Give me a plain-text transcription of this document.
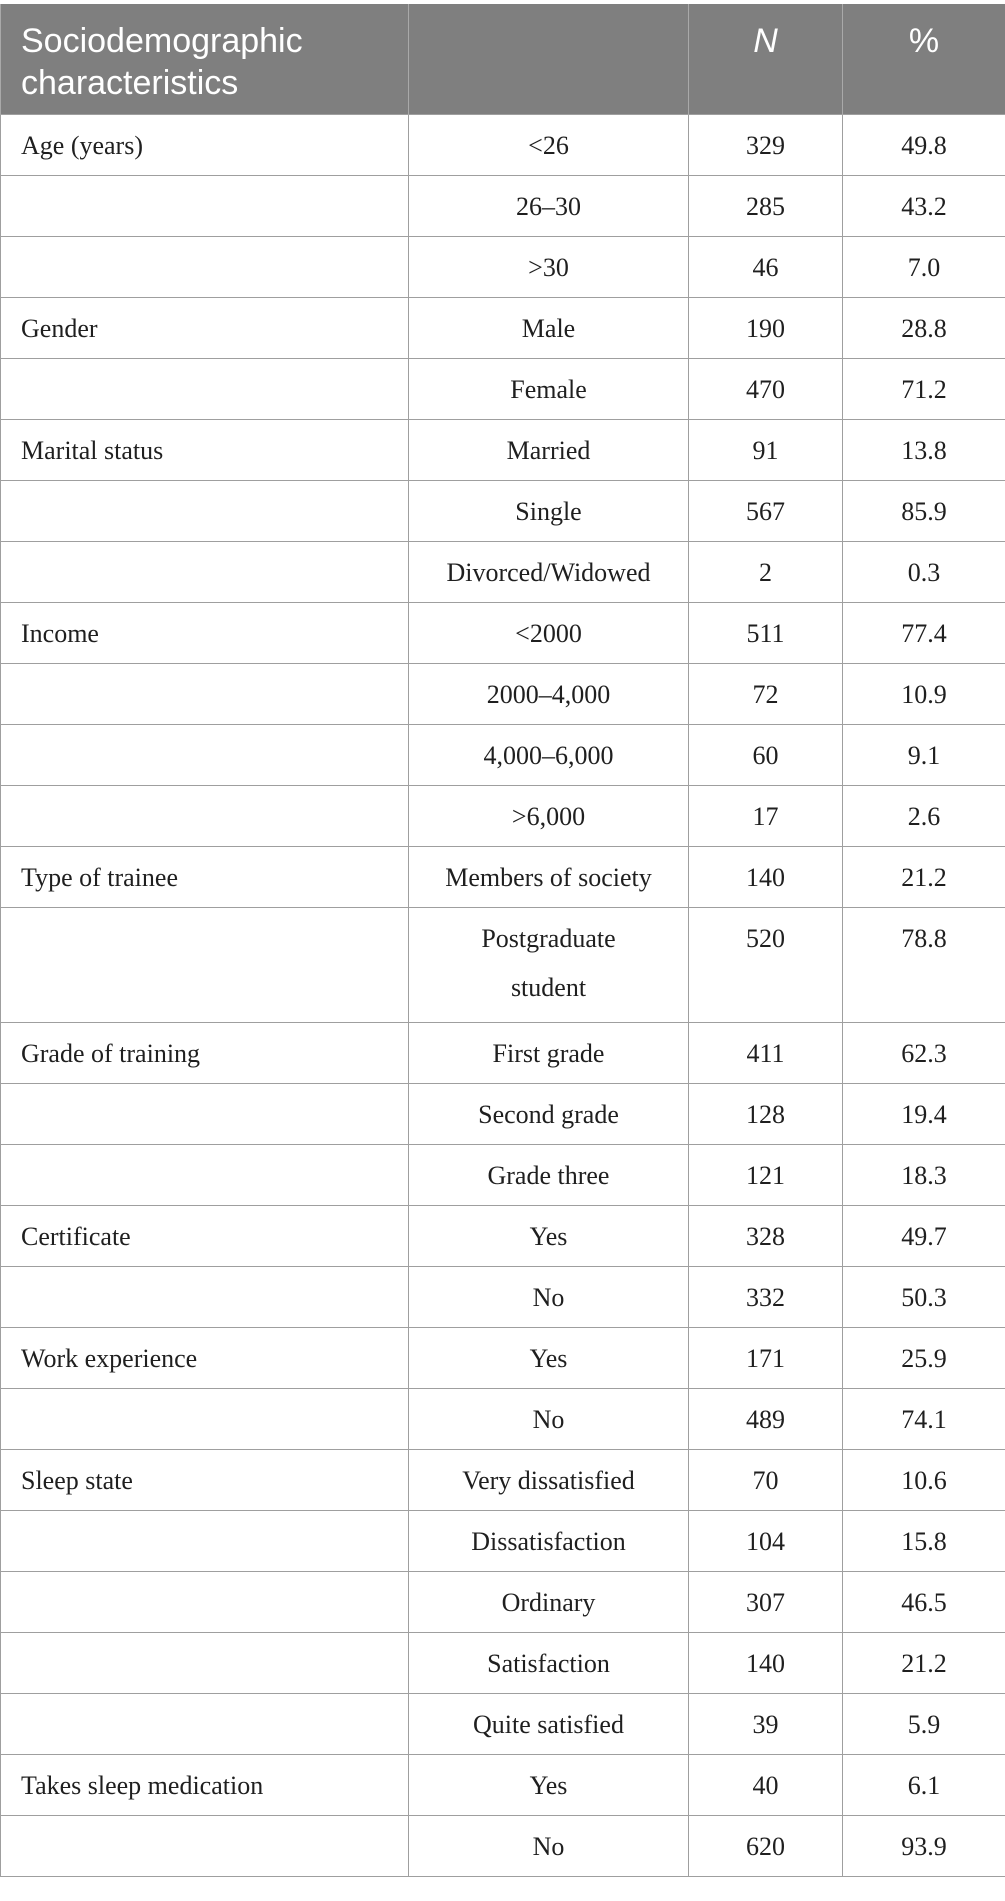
Sociodemographic characteristics		N	%
Age (years)	<26	329	49.8
	26–30	285	43.2
	>30	46	7.0
Gender	Male	190	28.8
	Female	470	71.2
Marital status	Married	91	13.8
	Single	567	85.9
	Divorced/Widowed	2	0.3
Income	<2000	511	77.4
	2000–4,000	72	10.9
	4,000–6,000	60	9.1
	>6,000	17	2.6
Type of trainee	Members of society	140	21.2
	Postgraduate student	520	78.8
Grade of training	First grade	411	62.3
	Second grade	128	19.4
	Grade three	121	18.3
Certificate	Yes	328	49.7
	No	332	50.3
Work experience	Yes	171	25.9
	No	489	74.1
Sleep state	Very dissatisfied	70	10.6
	Dissatisfaction	104	15.8
	Ordinary	307	46.5
	Satisfaction	140	21.2
	Quite satisfied	39	5.9
Takes sleep medication	Yes	40	6.1
	No	620	93.9
